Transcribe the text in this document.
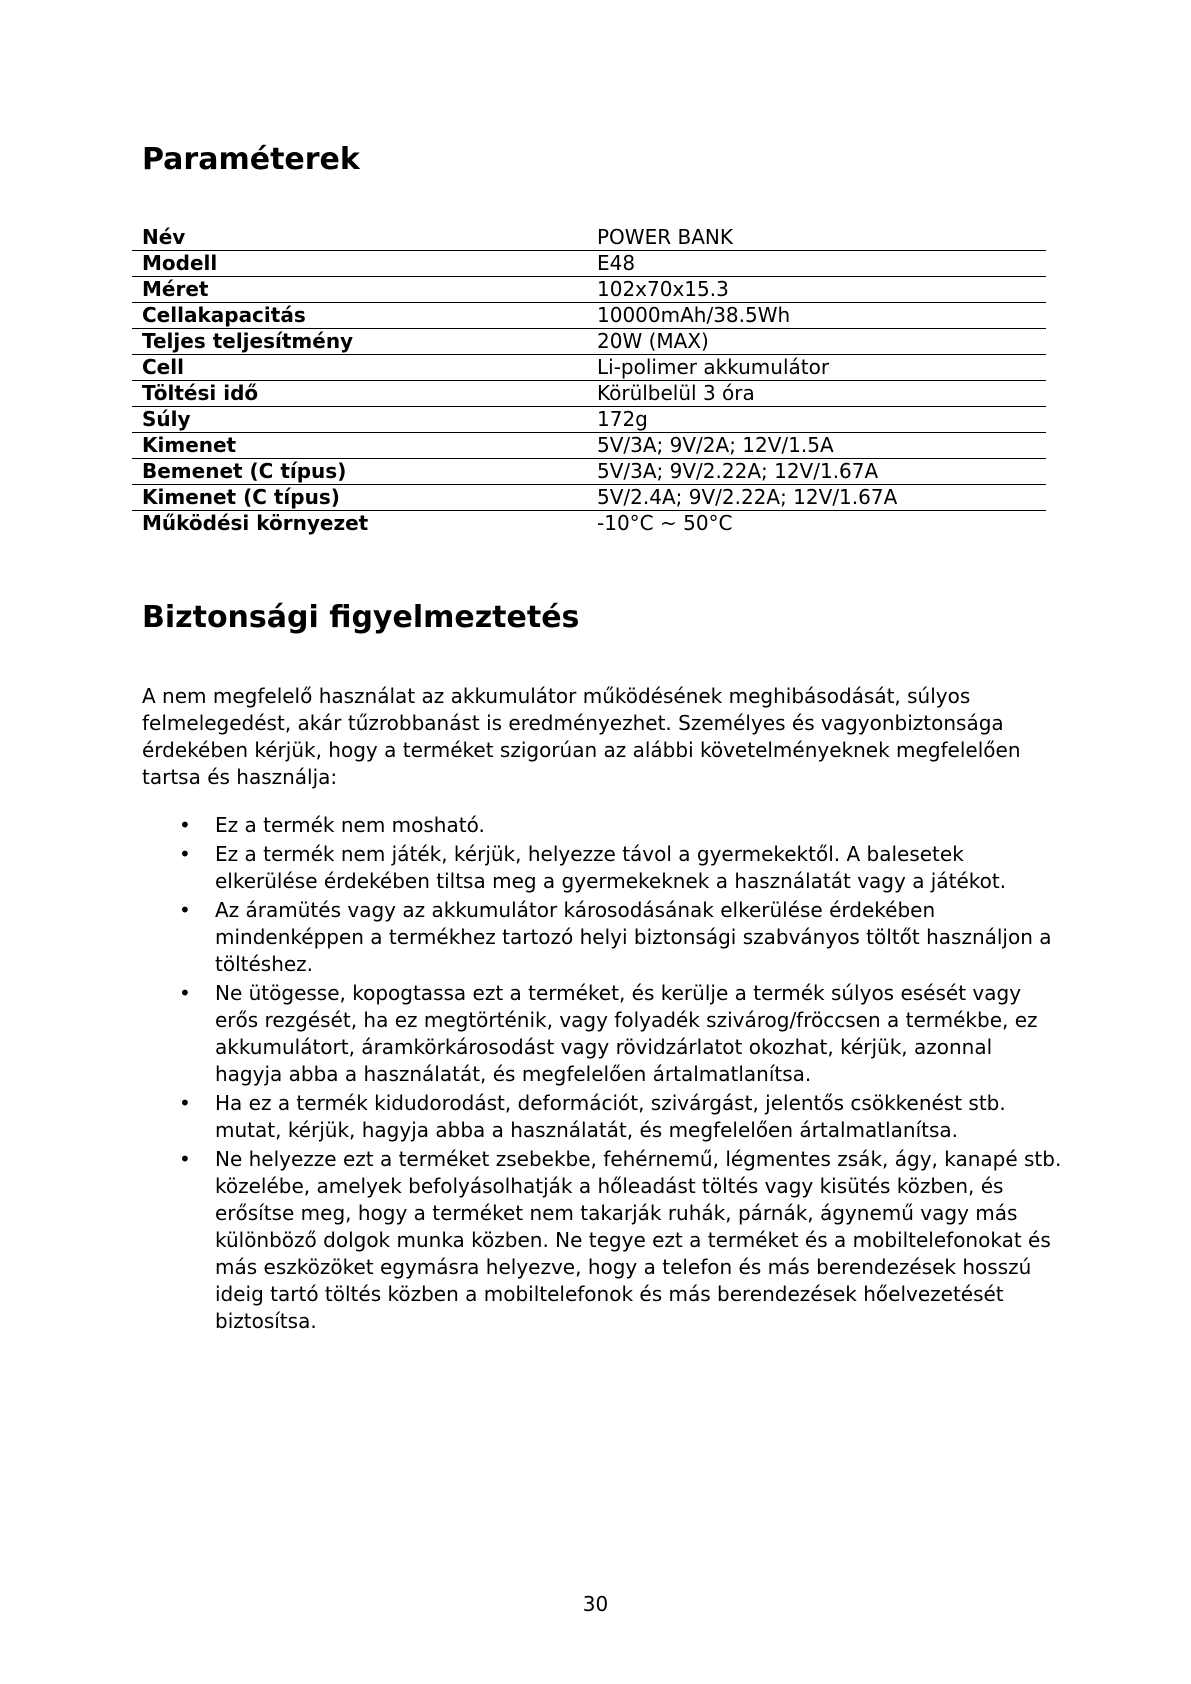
Paraméterek
Név	POWER BANK
Modell	E48
Méret	102x70x15.3
Cellakapacitás	10000mAh/38.5Wh
Teljes teljesítmény	20W (MAX)
Cell	Li-polimer akkumulátor
Töltési idő	Körülbelül 3 óra
Súly	172g
Kimenet	5V/3A; 9V/2A; 12V/1.5A
Bemenet (C típus)	5V/3A; 9V/2.22A; 12V/1.67A
Kimenet (C típus)	5V/2.4A; 9V/2.22A; 12V/1.67A
Működési környezet	-10°C ~ 50°C
Biztonsági figyelmeztetés

A nem megfelelő használat az akkumulátor működésének meghibásodását, súlyos felmelegedést, akár tűzrobbanást is eredményezhet. Személyes és vagyonbiztonsága érdekében kérjük, hogy a terméket szigorúan az alábbi követelményeknek megfelelően tartsa és használja:

• Ez a termék nem mosható.
• Ez a termék nem játék, kérjük, helyezze távol a gyermekektől. A balesetek elkerülése érdekében tiltsa meg a gyermekeknek a használatát vagy a játékot.
• Az áramütés vagy az akkumulátor károsodásának elkerülése érdekében mindenképpen a termékhez tartozó helyi biztonsági szabványos töltőt használjon a töltéshez.
• Ne ütögesse, kopogtassa ezt a terméket, és kerülje a termék súlyos esését vagy erős rezgését, ha ez megtörténik, vagy folyadék szivárog/fröccsen a termékbe, ez akkumulátort, áramkörkárosodást vagy rövidzárlatot okozhat, kérjük, azonnal hagyja abba a használatát, és megfelelően ártalmatlanítsa.
• Ha ez a termék kidudorodást, deformációt, szivárgást, jelentős csökkenést stb. mutat, kérjük, hagyja abba a használatát, és megfelelően ártalmatlanítsa.
• Ne helyezze ezt a terméket zsebekbe, fehérnemű, légmentes zsák, ágy, kanapé stb. közelébe, amelyek befolyásolhatják a hőleadást töltés vagy kisütés közben, és erősítse meg, hogy a terméket nem takarják ruhák, párnák, ágynemű vagy más különböző dolgok munka közben. Ne tegye ezt a terméket és a mobiltelefonokat és más eszközöket egymásra helyezve, hogy a telefon és más berendezések hosszú ideig tartó töltés közben a mobiltelefonok és más berendezések hőelvezetését biztosítsa.
30
